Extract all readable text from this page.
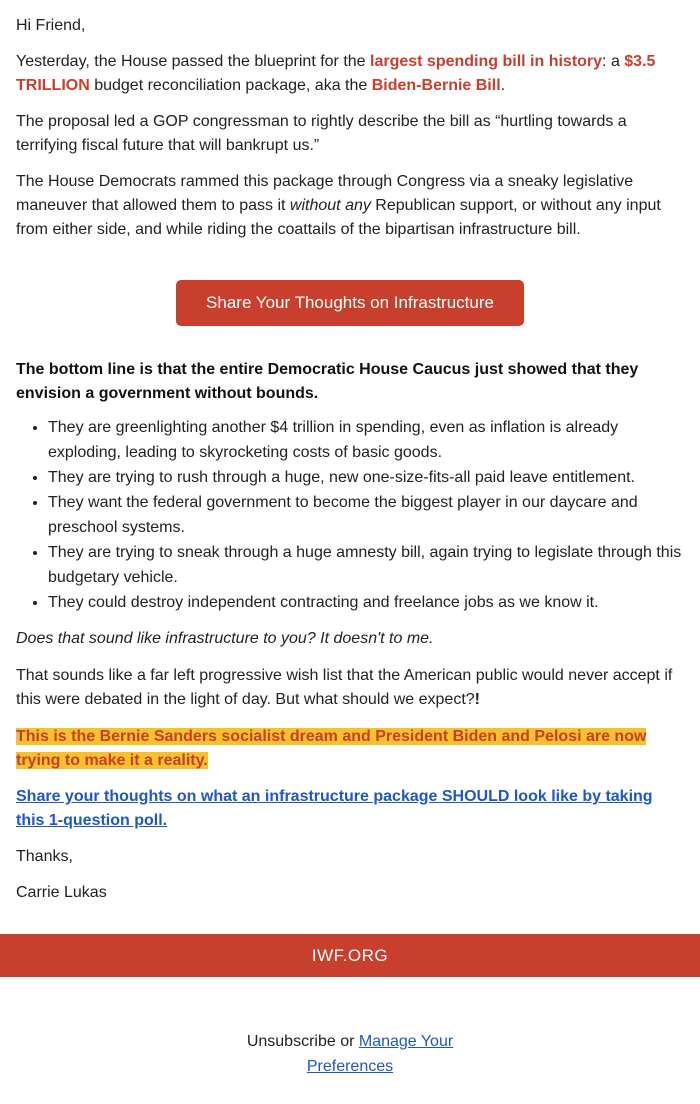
Hi Friend,

Yesterday, the House passed the blueprint for the largest spending bill in history: a $3.5 TRILLION budget reconciliation package, aka the Biden-Bernie Bill.

The proposal led a GOP congressman to rightly describe the bill as “hurtling towards a terrifying fiscal future that will bankrupt us.”

The House Democrats rammed this package through Congress via a sneaky legislative maneuver that allowed them to pass it without any Republican support, or without any input from either side, and while riding the coattails of the bipartisan infrastructure bill.

Share Your Thoughts on Infrastructure

The bottom line is that the entire Democratic House Caucus just showed that they envision a government without bounds.

• They are greenlighting another $4 trillion in spending, even as inflation is already exploding, leading to skyrocketing costs of basic goods.
• They are trying to rush through a huge, new one-size-fits-all paid leave entitlement.
• They want the federal government to become the biggest player in our daycare and preschool systems.
• They are trying to sneak through a huge amnesty bill, again trying to legislate through this budgetary vehicle.
• They could destroy independent contracting and freelance jobs as we know it.

Does that sound like infrastructure to you? It doesn't to me.

That sounds like a far left progressive wish list that the American public would never accept if this were debated in the light of day. But what should we expect?!

This is the Bernie Sanders socialist dream and President Biden and Pelosi are now trying to make it a reality.

Share your thoughts on what an infrastructure package SHOULD look like by taking this 1-question poll.

Thanks,

Carrie Lukas

IWF.ORG
Unsubscribe or Manage Your Preferences
